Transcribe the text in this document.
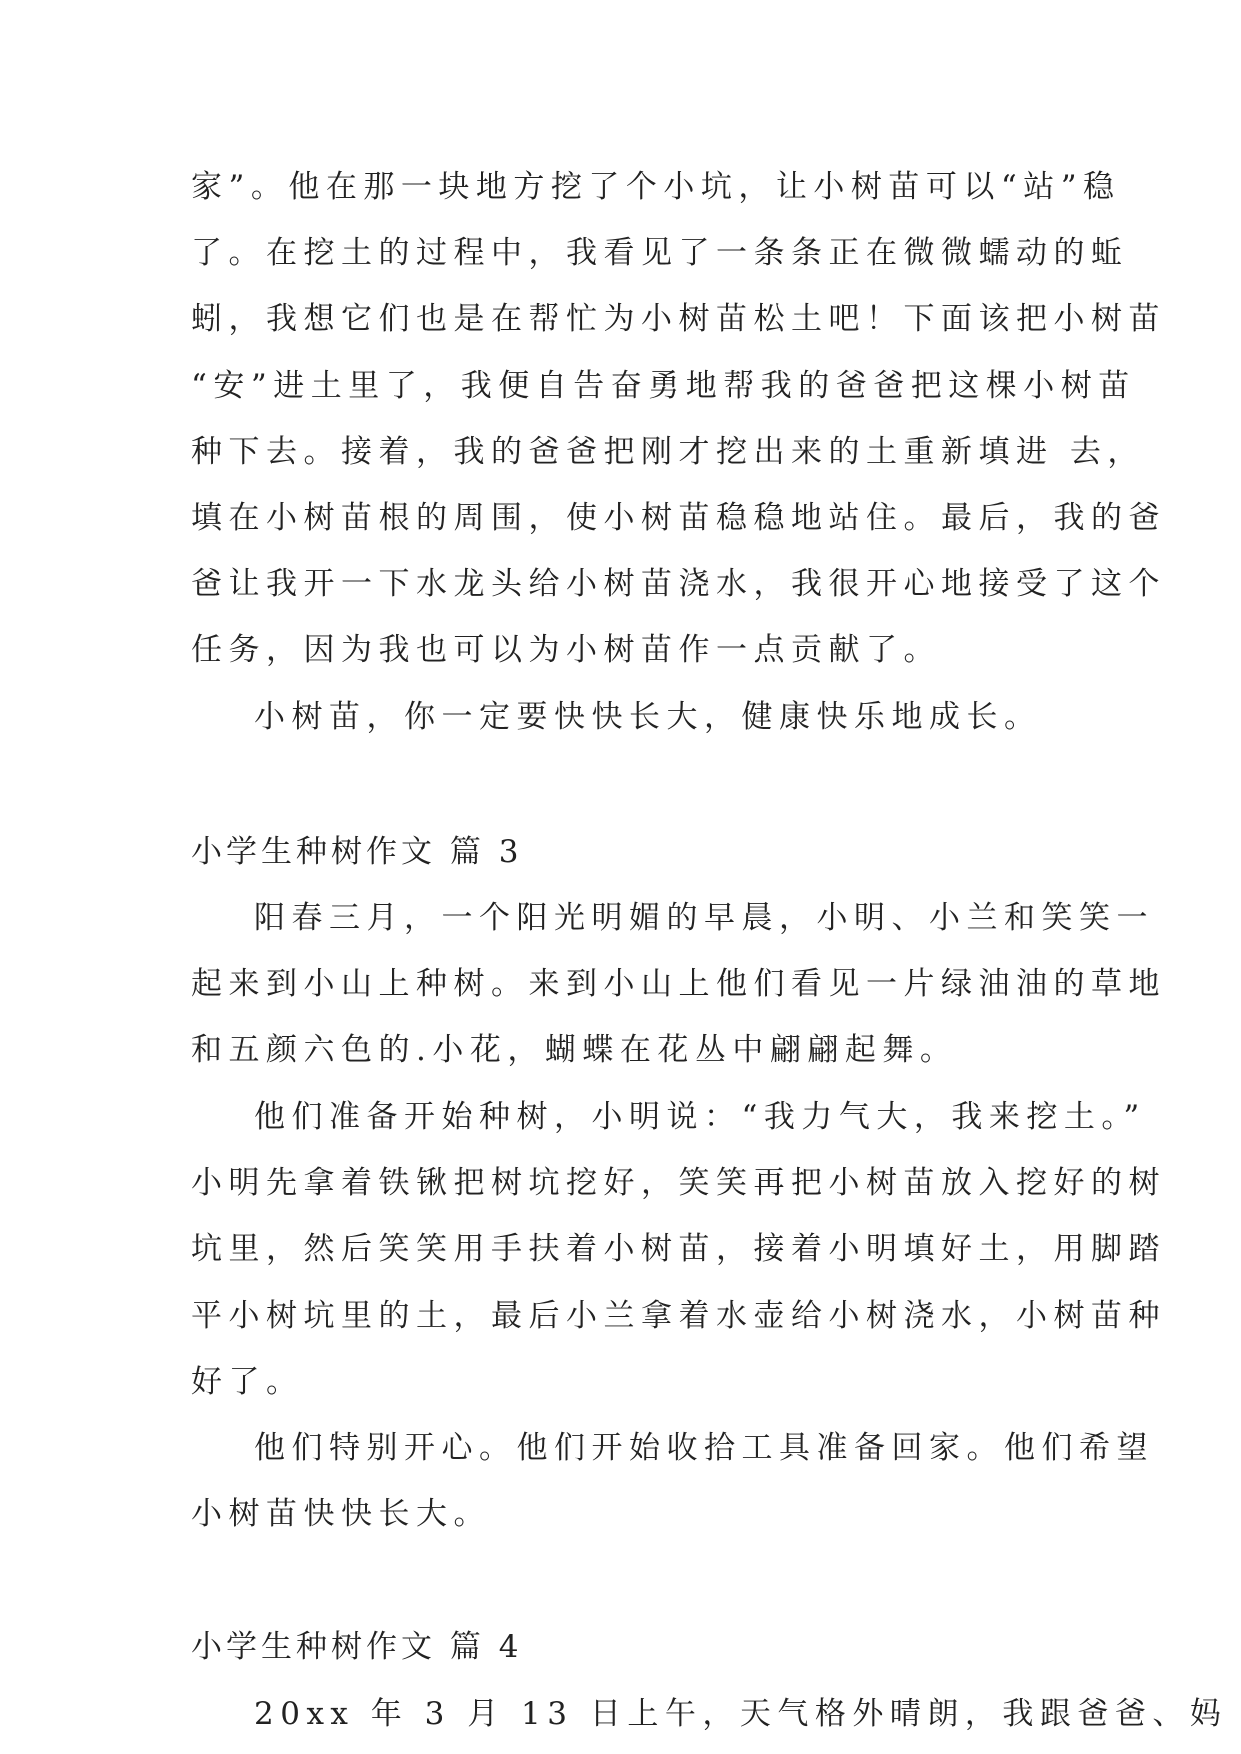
家”。他在那一块地方挖了个小坑，让小树苗可以“站”稳
了。在挖土的过程中，我看见了一条条正在微微蠕动的蚯
蚓，我想它们也是在帮忙为小树苗松土吧！下面该把小树苗
“安”进土里了，我便自告奋勇地帮我的爸爸把这棵小树苗
种下去。接着，我的爸爸把刚才挖出来的土重新填进 去，
填在小树苗根的周围，使小树苗稳稳地站住。最后，我的爸
爸让我开一下水龙头给小树苗浇水，我很开心地接受了这个
任务，因为我也可以为小树苗作一点贡献了。
小树苗，你一定要快快长大，健康快乐地成长。
小学生种树作文 篇 3
阳春三月，一个阳光明媚的早晨，小明、小兰和笑笑一
起来到小山上种树。来到小山上他们看见一片绿油油的草地
和五颜六色的.小花，蝴蝶在花丛中翩翩起舞。
他们准备开始种树，小明说：“我力气大，我来挖土。”
小明先拿着铁锹把树坑挖好，笑笑再把小树苗放入挖好的树
坑里，然后笑笑用手扶着小树苗，接着小明填好土，用脚踏
平小树坑里的土，最后小兰拿着水壶给小树浇水，小树苗种
好了。
他们特别开心。他们开始收拾工具准备回家。他们希望
小树苗快快长大。
小学生种树作文 篇 4
20xx 年 3 月 13 日上午，天气格外晴朗，我跟爸爸、妈
